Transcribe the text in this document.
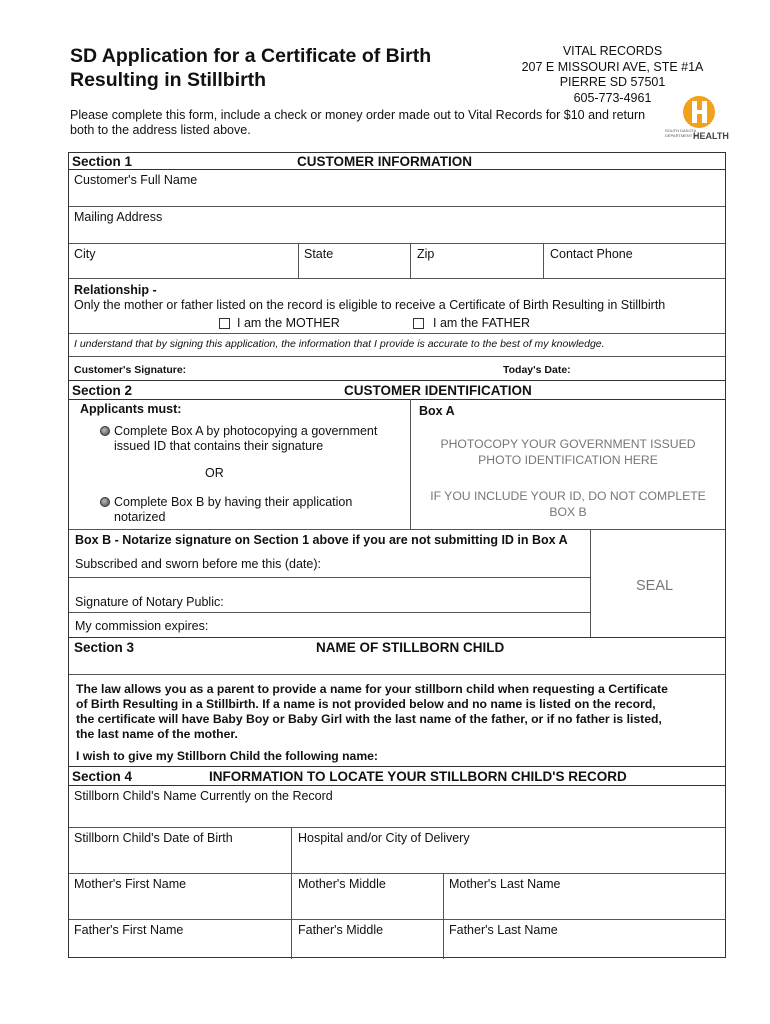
SD Application for a Certificate of Birth
Resulting in Stillbirth
VITAL RECORDS
207 E MISSOURI AVE, STE #1A
PIERRE SD 57501
605-773-4961
SOUTH DAKOTA
DEPARTMENT OF
HEALTH
Please complete this form, include a check or money order made out to Vital Records for $10 and return both to the address listed above.
Section 1	CUSTOMER INFORMATION
Customer's Full Name
Mailing Address
City	State	Zip	Contact Phone
Relationship -
Only the mother or father listed on the record is eligible to receive a Certificate of Birth Resulting in Stillbirth
I am the MOTHER	I am the FATHER
I understand that by signing this application, the information that I provide is accurate to the best of my knowledge.
Customer's Signature:	Today's Date:
Section 2	CUSTOMER IDENTIFICATION
Applicants must:
Complete Box A by photocopying a government
issued ID that contains their signature
OR
Complete Box B by having their application
notarized
Box A
PHOTOCOPY YOUR GOVERNMENT ISSUED
PHOTO IDENTIFICATION HERE
IF YOU INCLUDE YOUR ID, DO NOT COMPLETE
BOX B
Box B - Notarize signature on Section 1 above if you are not submitting ID in Box A
Subscribed and sworn before me this (date):
Signature of Notary Public:
My commission expires:
SEAL
Section 3	NAME OF STILLBORN CHILD
The law allows you as a parent to provide a name for your stillborn child when requesting a Certificate
of Birth Resulting in a Stillbirth. If a name is not provided below and no name is listed on the record,
the certificate will have Baby Boy or Baby Girl with the last name of the father, or if no father is listed,
the last name of the mother.
I wish to give my Stillborn Child the following name:
Section 4	INFORMATION TO LOCATE YOUR STILLBORN CHILD'S RECORD
Stillborn Child's Name Currently on the Record
Stillborn Child's Date of Birth	Hospital and/or City of Delivery
Mother's First Name	Mother's Middle	Mother's Last Name
Father's First Name	Father's Middle	Father's Last Name
